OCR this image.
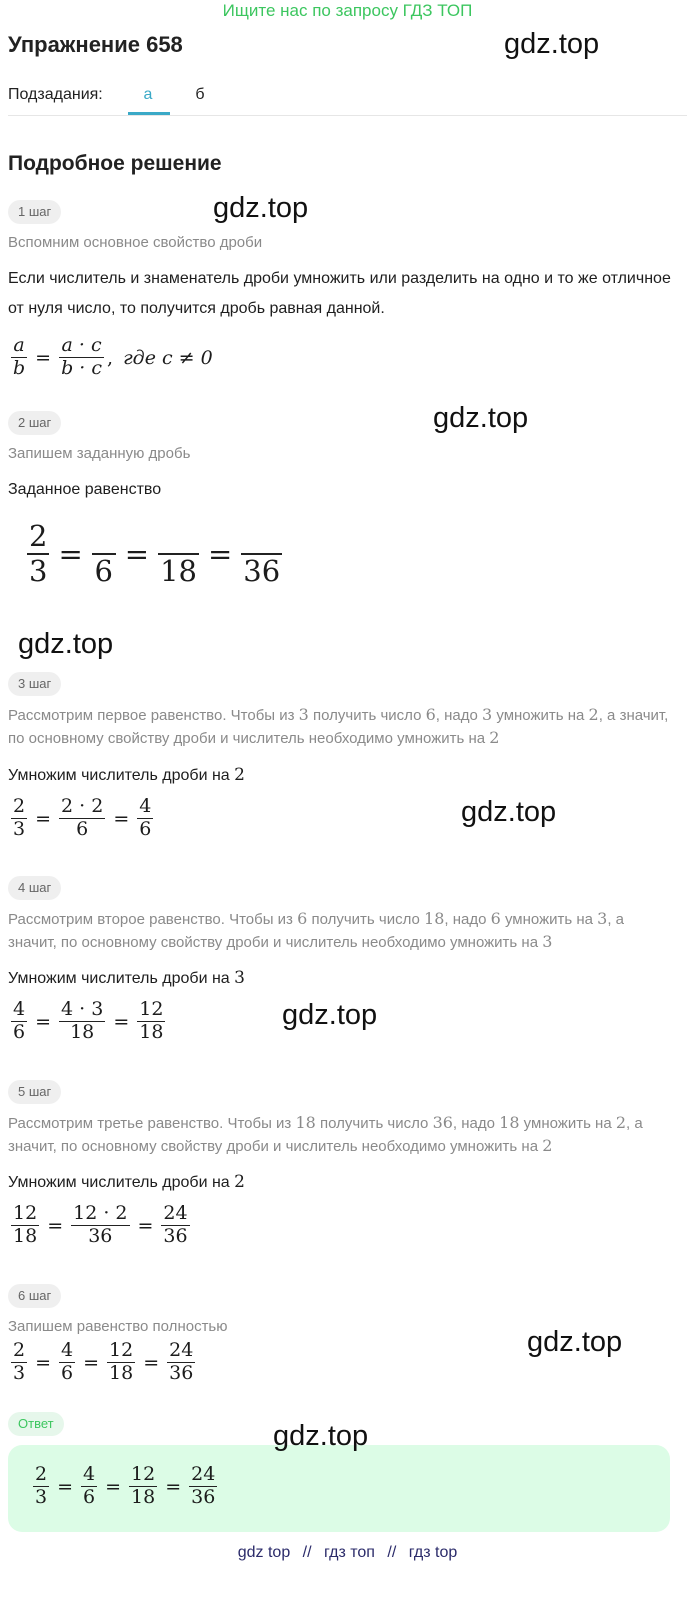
Ищите нас по запросу ГДЗ ТОП
Упражнение 658	gdz.top
Подзадания:	а	б
Подробное решение
1 шаг	gdz.top
Вспомним основное свойство дроби
Если числитель и знаменатель дроби умножить или разделить на одно и то же отличное от нуля число, то получится дробь равная данной.
$\frac{a}{b} = \frac{a \cdot c}{b \cdot c}$ , где c ≠ 0
2 шаг	gdz.top
Запишем заданную дробь
Заданное равенство
$\frac{2}{3} = 6 = 18 = 36$
gdz.top
3 шаг
Рассмотрим первое равенство. Чтобы из 3 получить число 6, надо 3 умножить на 2, а значит, по основному свойству дроби и числитель необходимо умножить на 2
Умножим числитель дроби на 2
$\frac{2}{3} = \frac{2 \cdot 2}{6} = \frac{4}{6}$	gdz.top
4 шаг
Рассмотрим второе равенство. Чтобы из 6 получить число 18, надо 6 умножить на 3, а значит, по основному свойству дроби и числитель необходимо умножить на 3
Умножим числитель дроби на 3
$\frac{4}{6} = \frac{4 \cdot 3}{18} = \frac{12}{18}$	gdz.top
5 шаг
Рассмотрим третье равенство. Чтобы из 18 получить число 36, надо 18 умножить на 2, а значит, по основному свойству дроби и числитель необходимо умножить на 2
Умножим числитель дроби на 2
$\frac{12}{18} = \frac{12 \cdot 2}{36} = \frac{24}{36}$
6 шаг
Запишем равенство полностью	gdz.top
$\frac{2}{3} = \frac{4}{6} = \frac{12}{18} = \frac{24}{36}$
Ответ	gdz.top
$\frac{2}{3} = \frac{4}{6} = \frac{12}{18} = \frac{24}{36}$
gdz top // гдз топ // гдз top
